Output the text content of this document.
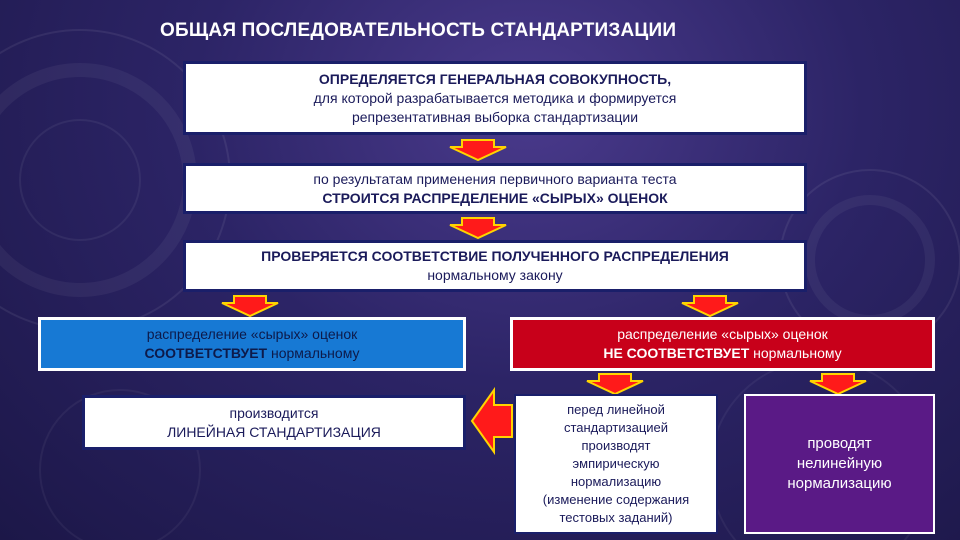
ОБЩАЯ ПОСЛЕДОВАТЕЛЬНОСТЬ СТАНДАРТИЗАЦИИ
ОПРЕДЕЛЯЕТСЯ ГЕНЕРАЛЬНАЯ СОВОКУПНОСТЬ,
для которой разрабатывается методика и формируется
репрезентативная выборка стандартизации
по результатам применения первичного варианта теста
СТРОИТСЯ РАСПРЕДЕЛЕНИЕ «СЫРЫХ» ОЦЕНОК
ПРОВЕРЯЕТСЯ СООТВЕТСТВИЕ ПОЛУЧЕННОГО РАСПРЕДЕЛЕНИЯ
нормальному закону
распределение «сырых» оценок
СООТВЕТСТВУЕТ нормальному
распределение «сырых» оценок
НЕ СООТВЕТСТВУЕТ нормальному
производится
ЛИНЕЙНАЯ СТАНДАРТИЗАЦИЯ
перед линейной
стандартизацией
производят
эмпирическую
нормализацию
(изменение содержания
тестовых заданий)
проводят
нелинейную
нормализацию
